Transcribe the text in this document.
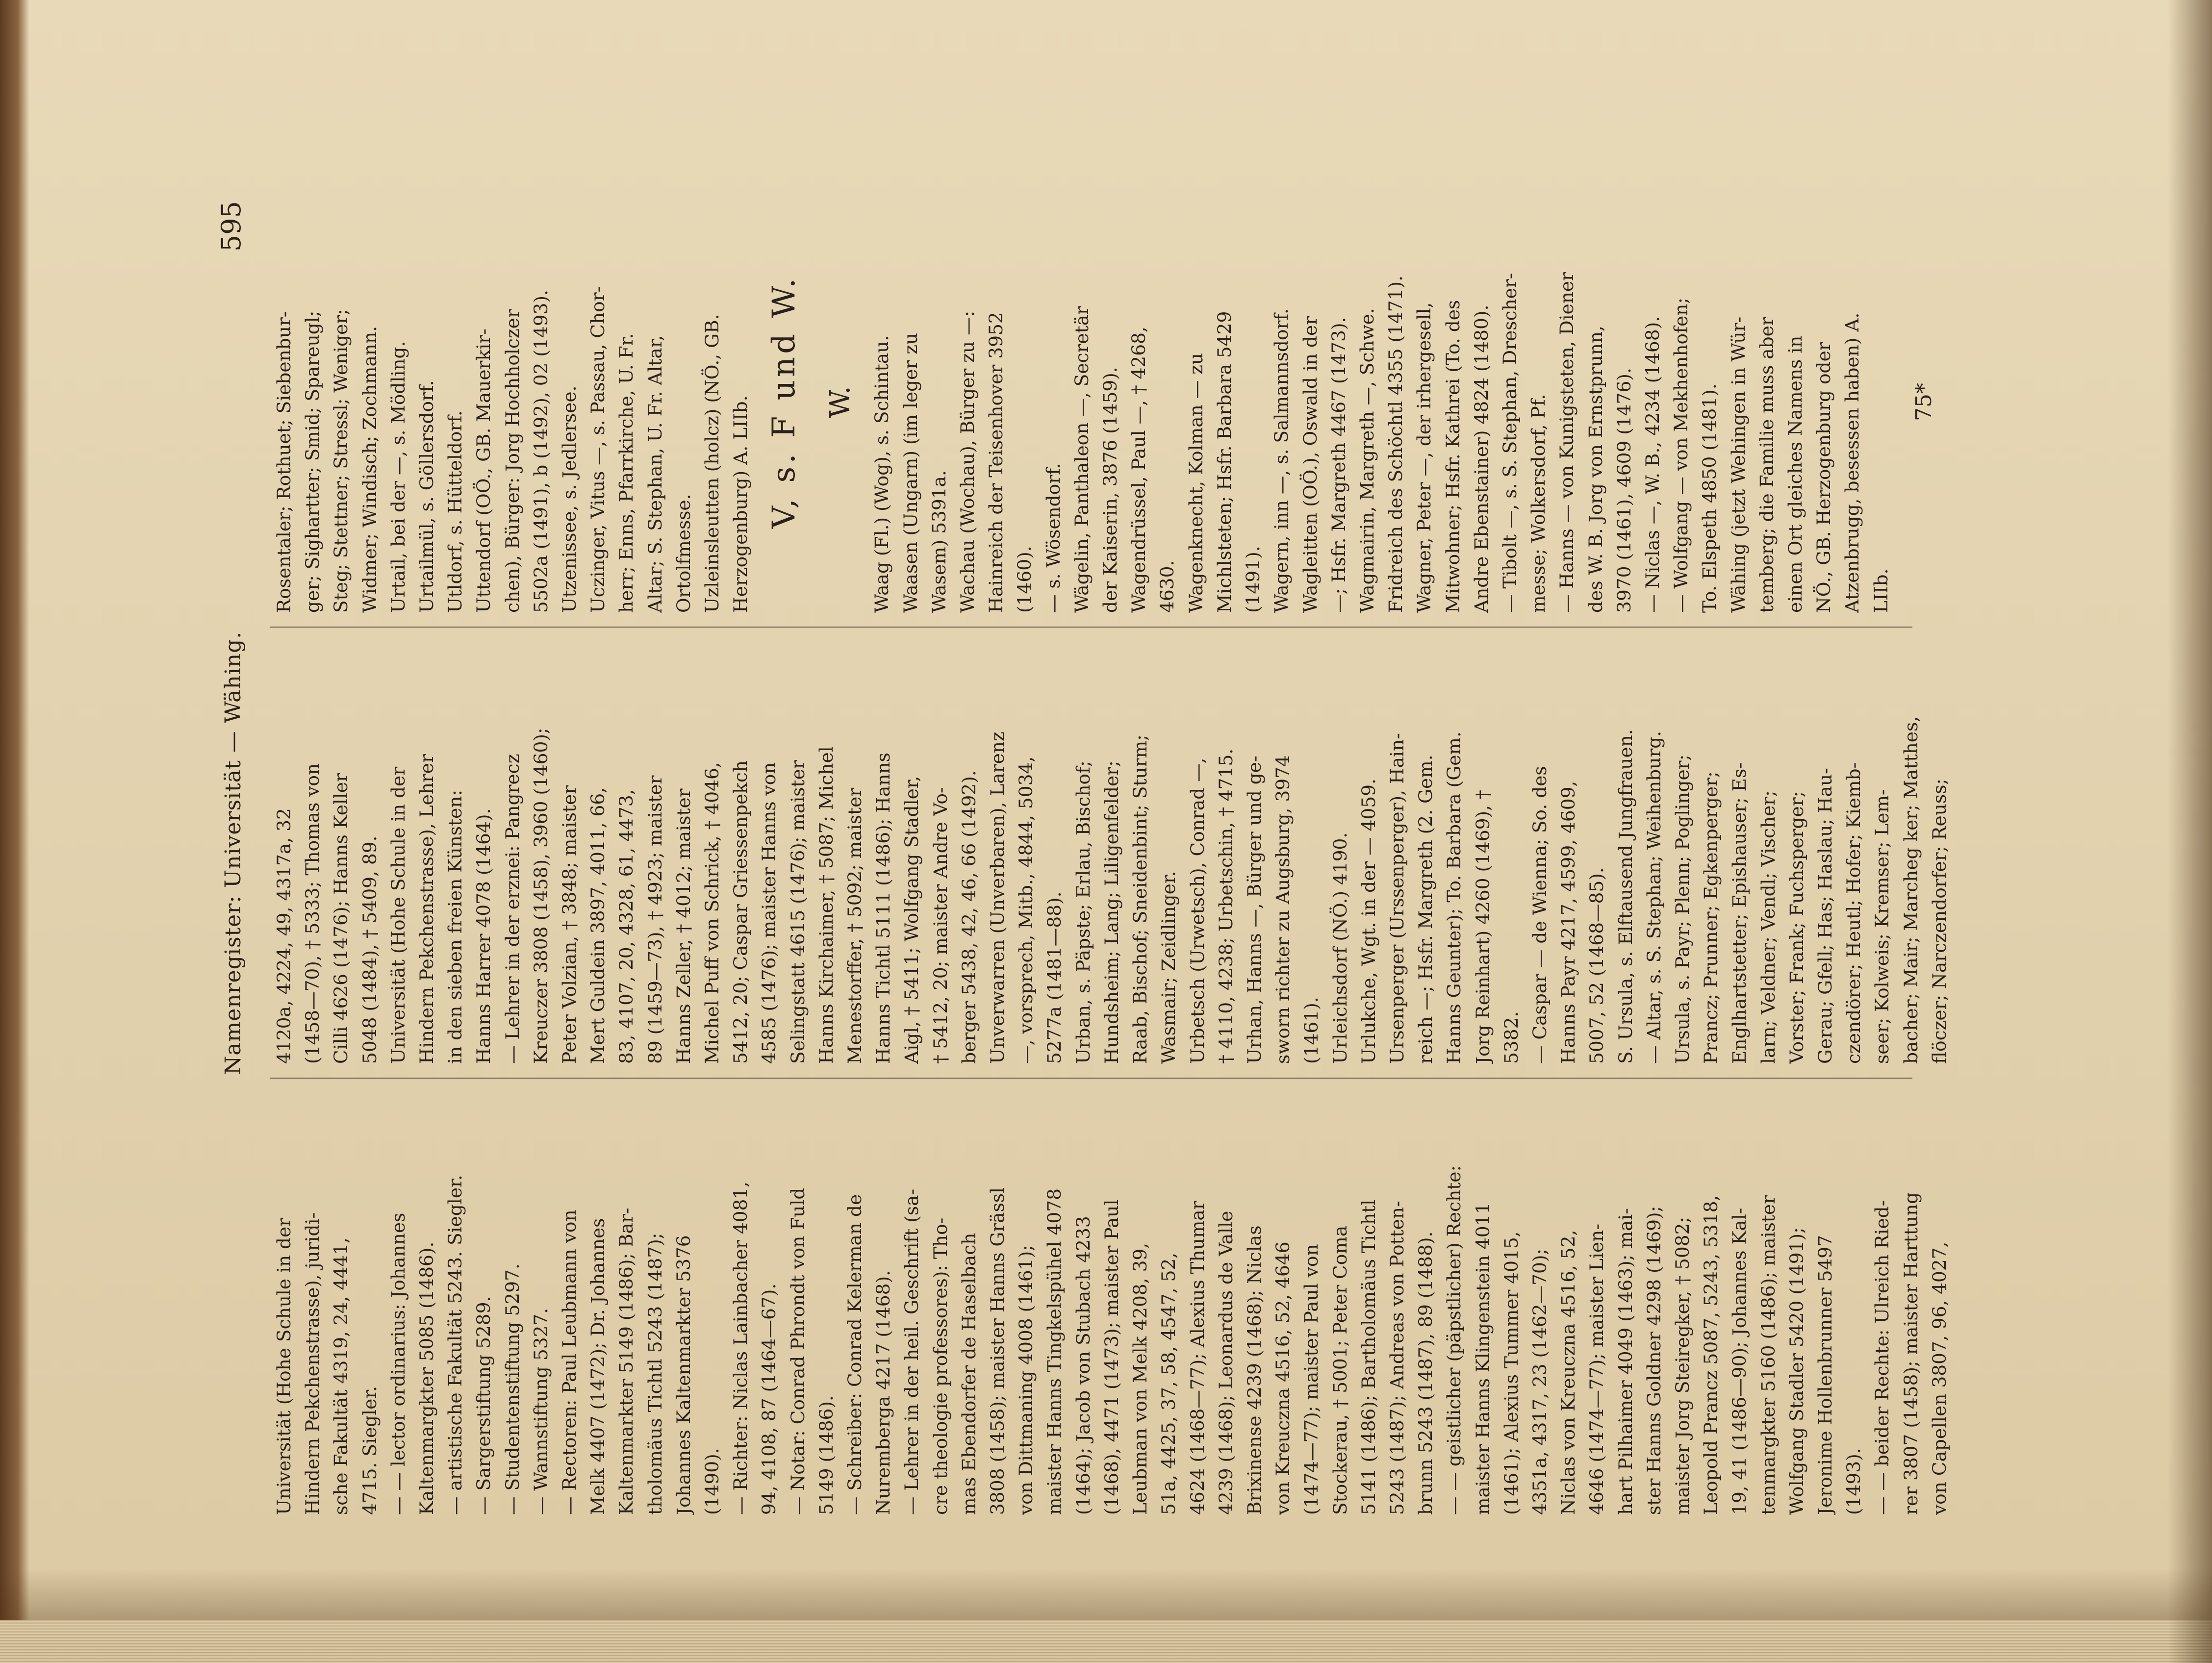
Namenregister: Universität — Wähing.
595
Universität (Hohe Schule in der Hindern Pekchenstrasse), juridi- sche Fakultät 4319, 24, 4441, 4715. Siegler. — — lector ordinarius: Johannes Kaltenmargkter 5085 (1486). — artistische Fakultät 5243. Siegler. — Sargerstiftung 5289. — Studentenstiftung 5297. — Wannstiftung 5327. — Rectoren: Paul Leubmann von Melk 4407 (1472); Dr. Johannes Kaltenmarkter 5149 (1486); Bar- tholomäus Tichtl 5243 (1487); Johannes Kaltenmarkter 5376 (1490). — Richter: Niclas Lainbacher 4081, 94, 4108, 87 (1464—67). — Notar: Conrad Phrondt von Fuld 5149 (1486). — Schreiber: Conrad Kelerman de Nuremberga 4217 (1468). — Lehrer in der heil. Geschrift (sa- cre theologie professores): Tho- mas Ebendorfer de Haselbach 3808 (1458); maister Hanns Grässl von Dittmaning 4008 (1461); maister Hanns Tingkelspühel 4078 (1464); Jacob von Stubach 4233 (1468), 4471 (1473); maister Paul Leubman von Melk 4208, 39, 51a, 4425, 37, 58, 4547, 52, 4624 (1468—77); Alexius Thumar 4239 (1468); Leonardus de Valle Brixinense 4239 (1468); Niclas von Kreuczna 4516, 52, 4646 (1474—77); maister Paul von Stockerau, † 5001; Peter Coma 5141 (1486); Bartholomäus Tichtl 5243 (1487); Andreas von Potten- brunn 5243 (1487), 89 (1488). — — geistlicher (päpstlicher) Rechte: maister Hanns Klingenstein 4011 (1461); Alexius Tummer 4015, 4351a, 4317, 23 (1462—70); Niclas von Kreuczna 4516, 52, 4646 (1474—77); maister Lien- hart Pilhaimer 4049 (1463); mai- ster Hanns Goldner 4298 (1469); maister Jorg Steiregker, † 5082; Leopold Prancz 5087, 5243, 5318, 19, 41 (1486—90); Johannes Kal- tenmargkter 5160 (1486); maister Wolfgang Stadler 5420 (1491); Jeronime Hollenbrunner 5497 (1493). — — beider Rechte: Ulreich Ried- rer 3807 (1458); maister Harttung von Capellen 3807, 96, 4027,
4120a, 4224, 49, 4317a, 32 (1458—70), † 5333; Thomas von Cilli 4626 (1476); Hanns Keller 5048 (1484), † 5409, 89. Universität (Hohe Schule in der Hindern Pekchenstrasse), Lehrer in den sieben freien Künsten: Hanns Harrer 4078 (1464). — Lehrer in der erznei: Pangrecz Kreuczer 3808 (1458), 3960 (1460); Peter Volzian, † 3848; maister Mert Guldein 3897, 4011, 66, 83, 4107, 20, 4328, 61, 4473, 89 (1459—73), † 4923; maister Hanns Zeller, † 4012; maister Michel Puff von Schrick, † 4046, 5412, 20; Caspar Griessenpekch 4585 (1476); maister Hanns von Selingstatt 4615 (1476); maister Hanns Kirchaimer, † 5087; Michel Menestorffer, † 5092; maister Hanns Tichtl 5111 (1486); Hanns Aigl, † 5411; Wolfgang Stadler, † 5412, 20; maister Andre Vo- berger 5438, 42, 46, 66 (1492). Unverwarren (Unverbaren), Larenz —, vorsprech, Mitb., 4844, 5034, 5277a (1481—88). Urban, s. Päpste; Erlau, Bischof; Hundsheim; Lang; Liligenfelder; Raab, Bischof; Sneidenbint; Sturm; Wasmair; Zeidlinger. Urbetsch (Urwetsch), Conrad —, † 4110, 4238; Urbetschin, † 4715. Urhan, Hanns —, Bürger und ge- sworn richter zu Augsburg, 3974 (1461). Urleichsdorf (NÖ.) 4190. Urlukche, Wgt. in der — 4059. Ursenperger (Urssenperger), Hain- reich —; Hsfr. Margreth (2. Gem. Hanns Geunter); To. Barbara (Gem. Jorg Reinhart) 4260 (1469), † 5382. — Caspar — de Wienna; So. des Hanns Payr 4217, 4599, 4609, 5007, 52 (1468—85). S. Ursula, s. Elftausend Jungfrauen. — Altar, s. S. Stephan; Weihenburg. Ursula, s. Payr; Plenn; Poglinger; Prancz; Prunner; Egkenperger; Englhartstetter; Epishauser; Es- larn; Veldner; Vendl; Vischer; Vorster; Frank; Fuchsperger; Gerau; Gfell; Has; Haslau; Hau- czendörer; Heutl; Hofer; Kiemb- seer; Kolweis; Kremser; Lem- bacher; Mair; Marcheg ker; Matthes, flöczer; Narczendorfer; Reuss;
Rosentaler; Rothuet; Siebenbur- ger; Sighartter; Smid; Spareugl; Steg; Stettner; Stressl; Weniger; Widmer; Windisch; Zochmann. Urtail, bei der —, s. Mödling. Urtailmül, s. Göllersdorf. Utldorf, s. Hütteldorf. Uttendorf (OÖ., GB. Mauerkir- chen), Bürger: Jorg Hochholczer 5502a (1491), b (1492), 02 (1493). Utzenissee, s. Jedlersee. Uczinger, Vitus —, s. Passau, Chor- herr; Enns, Pfarrkirche, U. Fr. Altar; S. Stephan, U. Fr. Altar, Ortolfmesse. Uzleinsleutten (holcz) (NÖ., GB. Herzogenburg) A. LIIb. V, s. F und W. W. Waag (Fl.) (Wog), s. Schintau. Waasen (Ungarn) (im leger zu Wasem) 5391a. Wachau (Wochau), Bürger zu —: Hainreich der Teisenhover 3952 (1460). — s. Wösendorf. Wägelin, Panthaleon —, Secretär der Kaiserin, 3876 (1459). Wagendrüssel, Paul —, † 4268, 4630. Wagenknecht, Kolman — zu Michlsteten; Hsfr. Barbara 5429 (1491). Wagern, inn —, s. Salmannsdorf. Wagleitten (OÖ.), Oswald in der —; Hsfr. Margreth 4467 (1473). Wagmairin, Margreth —, Schwe. Fridreich des Schöchtl 4355 (1471). Wagner, Peter —, der irhergesell, Mitwohner; Hsfr. Kathrei (To. des Andre Ebenstainer) 4824 (1480). — Tibolt —, s. S. Stephan, Drescher- messe; Wolkersdorf, Pf. — Hanns — von Kunigsteten, Diener des W. B. Jorg von Ernstprunn, 3970 (1461), 4609 (1476). — Niclas —, W. B., 4234 (1468). — Wolfgang — von Mekhenhofen; To. Elspeth 4850 (1481). Wähing (jetzt Wehingen in Wür- temberg; die Familie muss aber einen Ort gleiches Namens in NÖ., GB. Herzogenburg oder Atzenbrugg, besessen haben) A. LIIb.
75*
